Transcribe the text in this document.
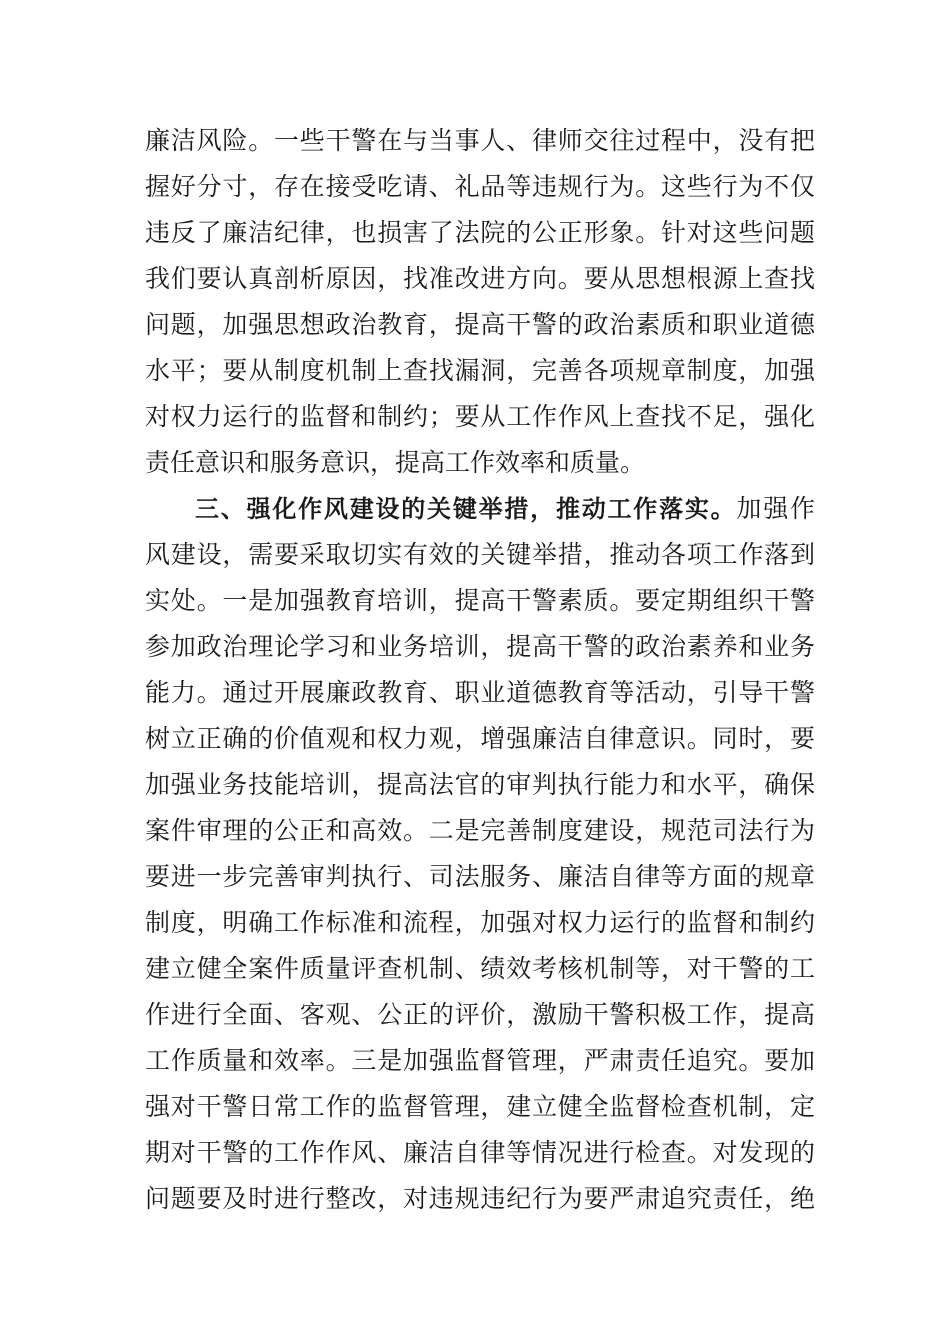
廉洁风险。一些干警在与当事人、律师交往过程中，没有把
握好分寸，存在接受吃请、礼品等违规行为。这些行为不仅
违反了廉洁纪律，也损害了法院的公正形象。针对这些问题
我们要认真剖析原因，找准改进方向。要从思想根源上查找
问题，加强思想政治教育，提高干警的政治素质和职业道德
水平；要从制度机制上查找漏洞，完善各项规章制度，加强
对权力运行的监督和制约；要从工作作风上查找不足，强化
责任意识和服务意识，提高工作效率和质量。
三、强化作风建设的关键举措，推动工作落实。加强作
风建设，需要采取切实有效的关键举措，推动各项工作落到
实处。一是加强教育培训，提高干警素质。要定期组织干警
参加政治理论学习和业务培训，提高干警的政治素养和业务
能力。通过开展廉政教育、职业道德教育等活动，引导干警
树立正确的价值观和权力观，增强廉洁自律意识。同时，要
加强业务技能培训，提高法官的审判执行能力和水平，确保
案件审理的公正和高效。二是完善制度建设，规范司法行为
要进一步完善审判执行、司法服务、廉洁自律等方面的规章
制度，明确工作标准和流程，加强对权力运行的监督和制约
建立健全案件质量评查机制、绩效考核机制等，对干警的工
作进行全面、客观、公正的评价，激励干警积极工作，提高
工作质量和效率。三是加强监督管理，严肃责任追究。要加
强对干警日常工作的监督管理，建立健全监督检查机制，定
期对干警的工作作风、廉洁自律等情况进行检查。对发现的
问题要及时进行整改，对违规违纪行为要严肃追究责任，绝
